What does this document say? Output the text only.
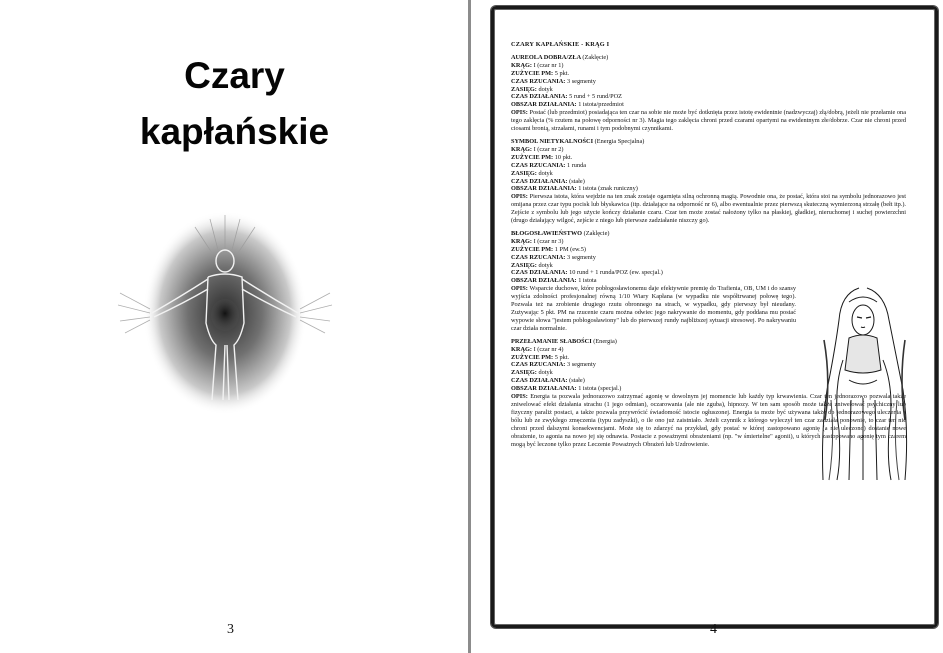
Czary
kapłańskie
3
CZARY KAPŁAŃSKIE - KRĄG I
AUREOLA DOBRA/ZŁA (Zaklęcie)
KRĄG: I (czar nr 1)
ZUŻYCIE PM: 5 pkt.
CZAS RZUCANIA: 3 segmenty
ZASIĘG: dotyk
CZAS DZIAŁANIA: 5 rund + 5 rund/POZ
OBSZAR DZIAŁANIA: 1 istota/przedmiot

OPIS: Postać (lub przedmiot) posiadająca ten czar na sobie nie może być dotknięta przez istotę ewidentnie (nadzwyczaj) złą/dobrą, jeżeli nie przełamie ona tego zaklęcia (% rzutem na połowę odporności nr 3). Magia tego zaklęcia chroni przed czarami opartymi na ewidentnym złe/dobrze. Czar nie chroni przed ciosami bronią, strzałami, runami i tym podobnymi czynnikami.

SYMBOL NIETYKALNOŚCI (Energia Specjalna)
KRĄG: I (czar nr 2)
ZUŻYCIE PM: 10 pkt.
CZAS RZUCANIA: 1 runda
ZASIĘG: dotyk
CZAS DZIAŁANIA: (stałe)
OBSZAR DZIAŁANIA: 1 istota (znak runiczny)

OPIS: Pierwsza istota, która wejdzie na ten znak zostaje ogarnięta silną ochronną magią. Powodnie ona, że postać, która stoi na symbolu jednorazowo jest omijana przez czar typu pocisk lub błyskawica (itp. działające na odporność nr 6), albo ewentualnie przez pierwszą skuteczną wymierzoną strzałę (bełt itp.). Zejście z symbolu lub jego użycie kończy działanie czaru. Czar ten może zostać nałożony tylko na płaskiej, gładkiej, nieruchomej i suchej powierzchni (drugo działający wilgoć, zejście z niego lub pierwsze zadziałanie niszczy go).

BŁOGOSŁAWIEŃSTWO (Zaklęcie)
KRĄG: I (czar nr 3)
ZUŻYCIE PM: 1 PM (ew.5)
CZAS RZUCANIA: 3 segmenty
ZASIĘG: dotyk
CZAS DZIAŁANIA: 10 rund + 1 runda/POZ (ew. specjal.)
OBSZAR DZIAŁANIA: 1 istota

OPIS: Wsparcie duchowe, które pobłogosławionemu daje efektywnie premię do Trafienia, OB, UM i do szansy wyjścia zdolności profesjonalnej równą 1/10 Wiary Kapłana (w wypadku nie współtrwanej połowę tego). Pozwala też na zrobienie drugiego rzutu obronnego na strach, w wypadku, gdy pierwszy był nieudany. Zużywając 5 pkt. PM na rzucenie czaru można odwiec jego nakrywanie do momentu, gdy poddana mu postać wypowie słowa "jestem pobłogosławiony" lub do pierwszej rundy najbliższej sytuacji stresowej. Po nakrywaniu czar działa normalnie.

PRZEŁAMANIE SŁABOŚCI (Energia)
KRĄG: I (czar nr 4)
ZUŻYCIE PM: 5 pkt.
CZAS RZUCANIA: 3 segmenty
ZASIĘG: dotyk
CZAS DZIAŁANIA: (stałe)
OBSZAR DZIAŁANIA: 1 istota (specjal.)

OPIS: Energia ta pozwala jednorazowo zatrzymać agonię w dowolnym jej momencie lub każdy typ krwawienia. Czar ten jednorazowo pozwala także zniwelować efekt działania strachu (1 jego odmian), oczarowania (ale nie zguba), hipnozy. W ten sam sposób może także zniwelować psychiczny lub fizyczny paraliż postaci, a także pozwala przywrócić świadomość istocie ogłuszonej. Energia ta może być używana także do jednorazowego uleczenia z bólu lub ze zwykłego zmęczenia (typu zadyszki), o ile ono już zaistniało. Jeżeli czynnik z którego wyleczył ten czar zadziała ponownie, to czar ten nie chroni przed dalszymi konsekwencjami. Może się to zdarzyć na przykład, gdy postać w której zastopowano agonię (a nie uleczono) dostanie nowe obrażenie, to agonia na nowo jej się odnawia. Postacie z poważnymi obrażeniami (np. "w śmiertelne" agonii), u których zastopowano agonię tym czarem mogą być leczone tylko przez Leczenie Poważnych Obrażeń lub Uzdrowienie.

4
